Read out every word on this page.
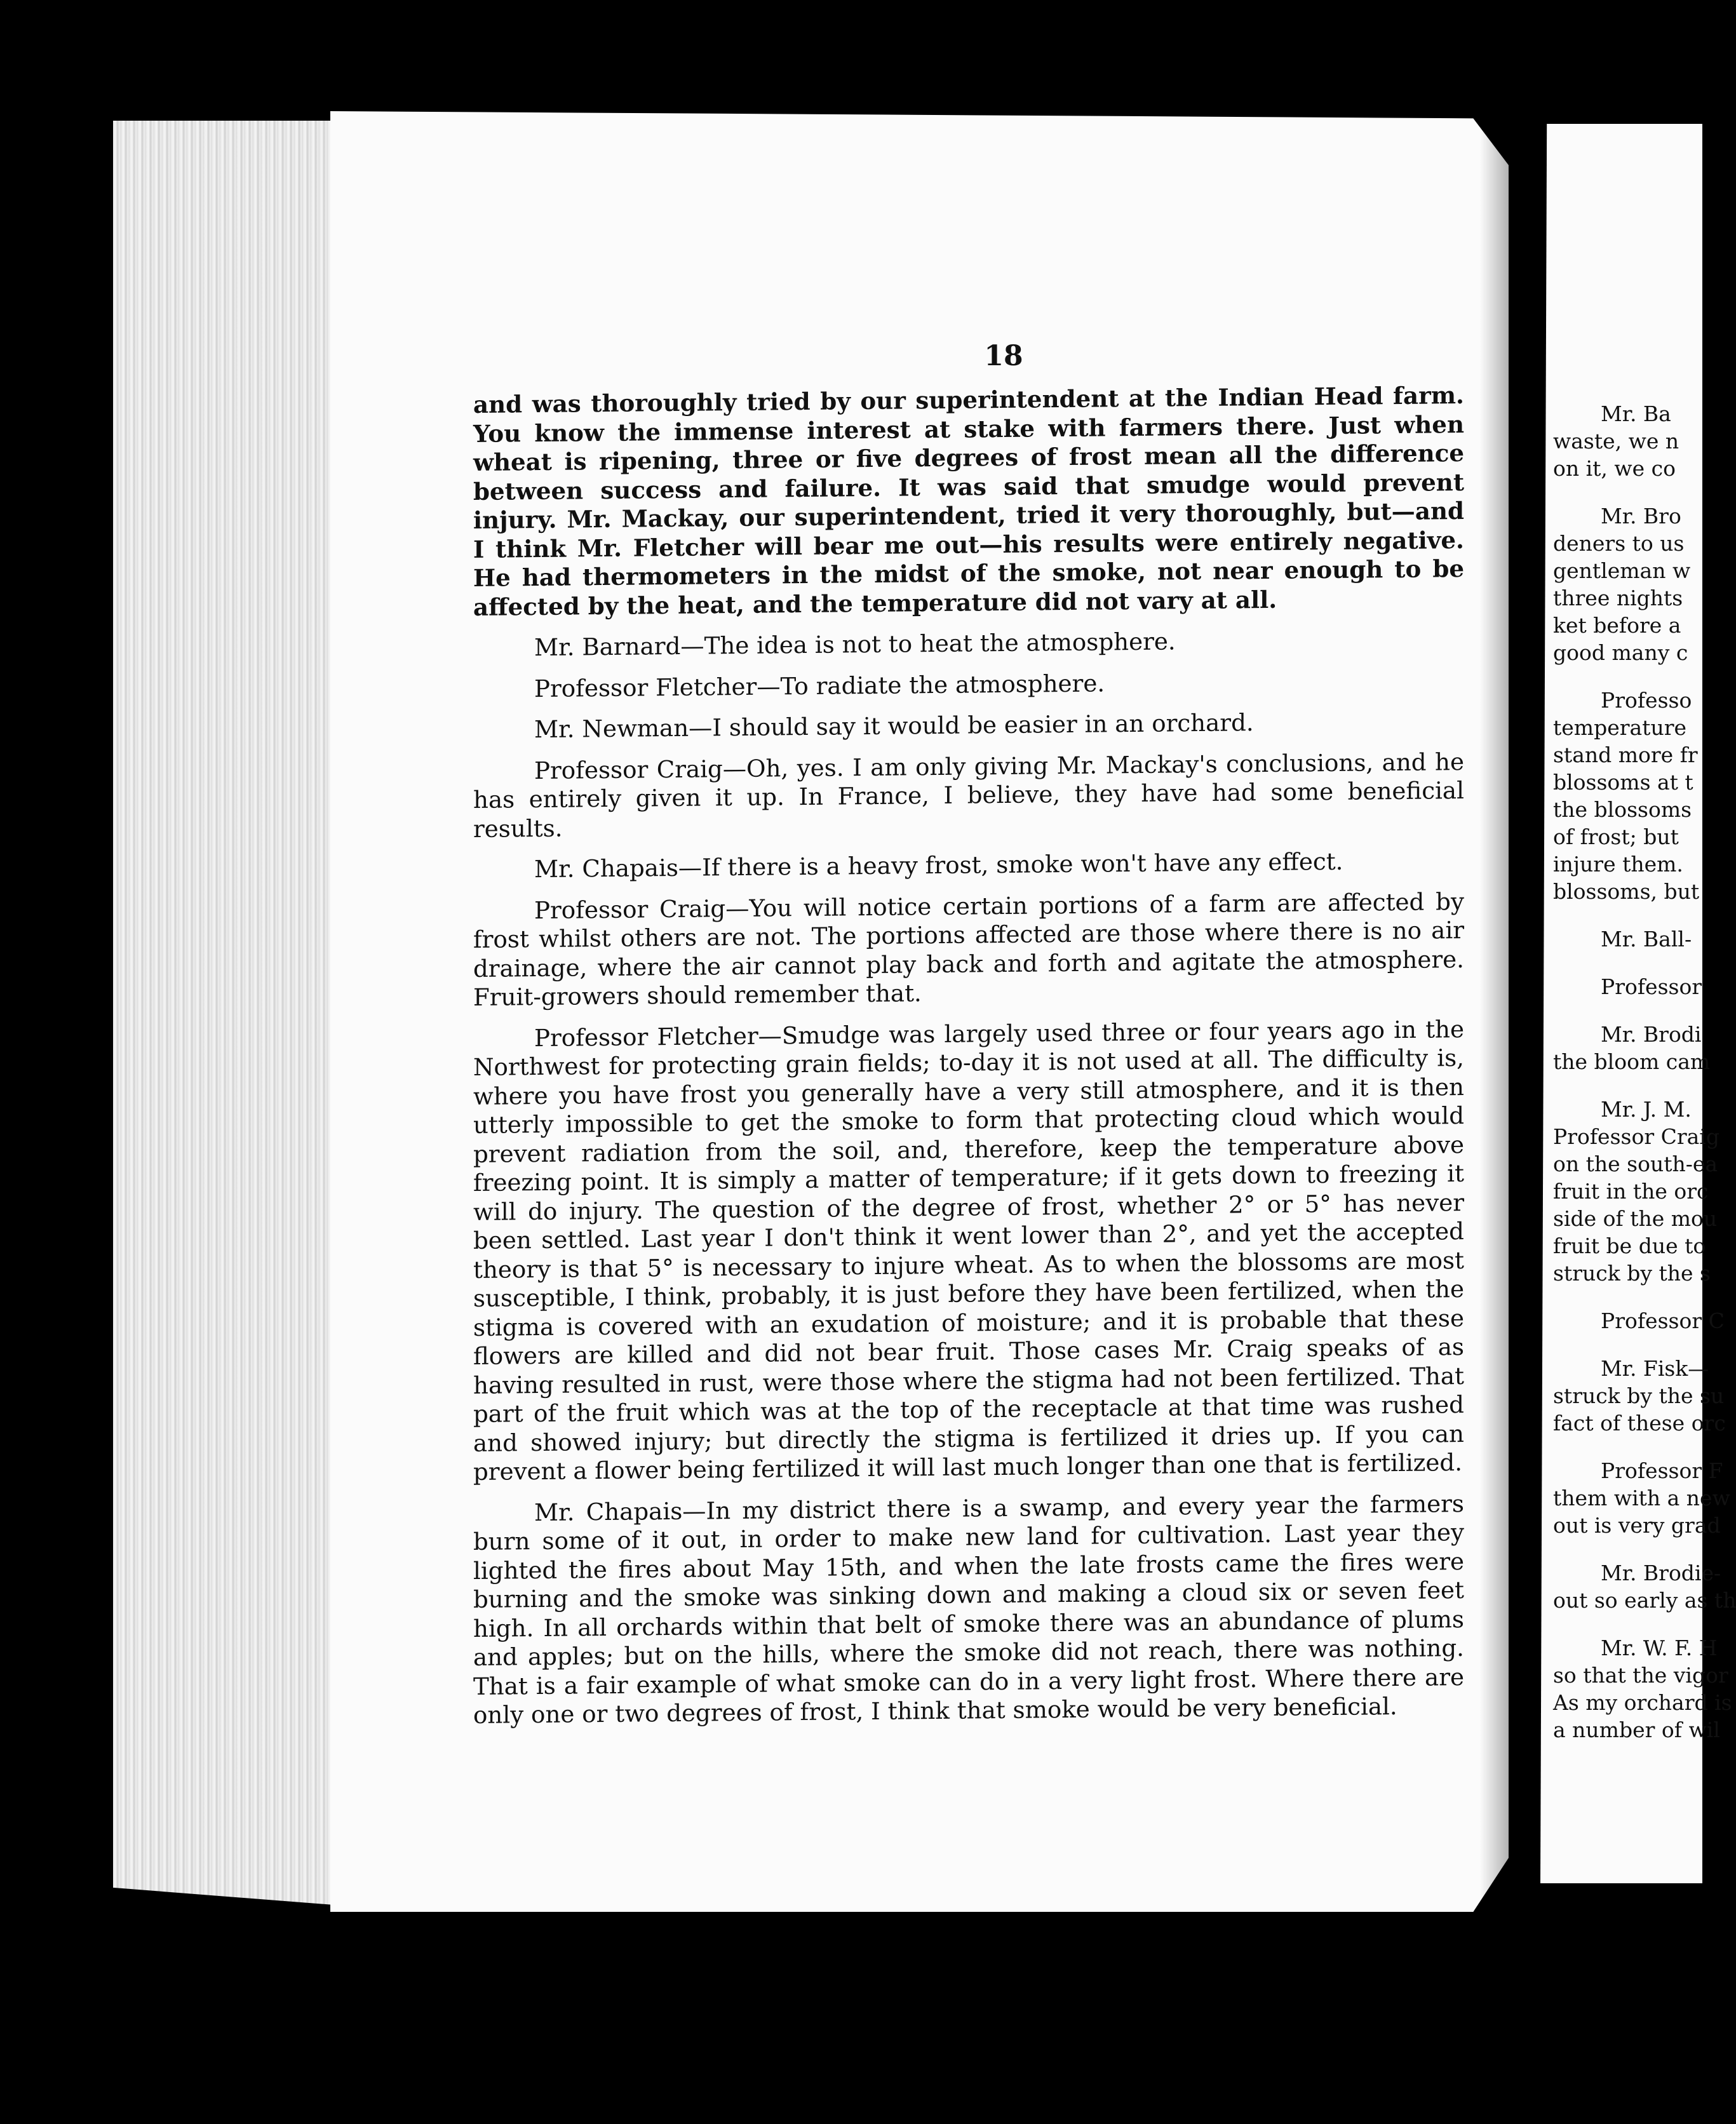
18

and was thoroughly tried by our superintendent at the Indian Head farm. You know the immense interest at stake with farmers there. Just when wheat is ripening, three or five degrees of frost mean all the difference between success and failure. It was said that smudge would prevent injury. Mr. Mackay, our superintendent, tried it very thoroughly, but—and I think Mr. Fletcher will bear me out—his results were entirely negative. He had thermometers in the midst of the smoke, not near enough to be affected by the heat, and the temperature did not vary at all.

Mr. Barnard—The idea is not to heat the atmosphere.

Professor Fletcher—To radiate the atmosphere.

Mr. Newman—I should say it would be easier in an orchard.

Professor Craig—Oh, yes. I am only giving Mr. Mackay's conclusions, and he has entirely given it up. In France, I believe, they have had some beneficial results.

Mr. Chapais—If there is a heavy frost, smoke won't have any effect.

Professor Craig—You will notice certain portions of a farm are affected by frost whilst others are not. The portions affected are those where there is no air drainage, where the air cannot play back and forth and agitate the atmosphere. Fruit-growers should remember that.

Professor Fletcher—Smudge was largely used three or four years ago in the Northwest for protecting grain fields; to-day it is not used at all. The difficulty is, where you have frost you generally have a very still atmosphere, and it is then utterly impossible to get the smoke to form that protecting cloud which would prevent radiation from the soil, and, therefore, keep the temperature above freezing point. It is simply a matter of temperature; if it gets down to freezing it will do injury. The question of the degree of frost, whether 2° or 5° has never been settled. Last year I don't think it went lower than 2°, and yet the accepted theory is that 5° is necessary to injure wheat. As to when the blossoms are most susceptible, I think, probably, it is just before they have been fertilized, when the stigma is covered with an exudation of moisture; and it is probable that these flowers are killed and did not bear fruit. Those cases Mr. Craig speaks of as having resulted in rust, were those where the stigma had not been fertilized. That part of the fruit which was at the top of the receptacle at that time was rushed and showed injury; but directly the stigma is fertilized it dries up. If you can prevent a flower being fertilized it will last much longer than one that is fertilized.

Mr. Chapais—In my district there is a swamp, and every year the farmers burn some of it out, in order to make new land for cultivation. Last year they lighted the fires about May 15th, and when the late frosts came the fires were burning and the smoke was sinking down and making a cloud six or seven feet high. In all orchards within that belt of smoke there was an abundance of plums and apples; but on the hills, where the smoke did not reach, there was nothing. That is a fair example of what smoke can do in a very light frost. Where there are only one or two degrees of frost, I think that smoke would be very beneficial.

Mr. Ba
waste, we n
on it, we co
Mr. Bro
deners to us
gentleman w
three nights
ket before a
good many c
Professo
temperature
stand more fr
blossoms at t
the blossoms
of frost; but
injure them.
blossoms, but
Mr. Ball-
Professor
Mr. Brodi
the bloom cam
Mr. J. M.
Professor Craig
on the south-ea
fruit in the orc
side of the mou
fruit be due to
struck by the s
Professor C
Mr. Fisk—
struck by the su
fact of these orc
Professor F
them with a new
out is very grad
Mr. Brodie-
out so early as th
Mr. W. F. H
so that the vigor
As my orchard is
a number of wil
